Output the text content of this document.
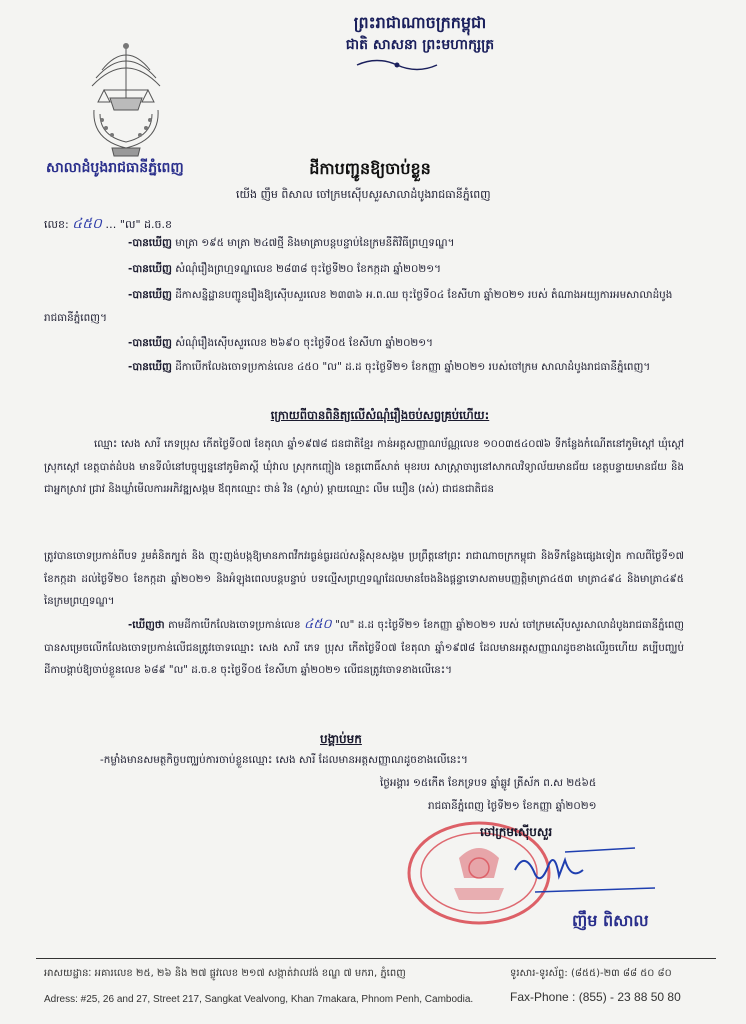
ព្រះរាជាណាចក្រកម្ពុជា
ជាតិ សាសនា ព្រះមហាក្សត្រ
សាលាដំបូងរាជធានីភ្នំពេញ	ដីកាបញ្ជូនឱ្យចាប់ខ្លួន
យើង ញឹម ពិសាល ចៅក្រមស៊ើបសួរសាលាដំបូងរាជធានីភ្នំពេញ
លេខ: ៤៥០ … "ល" ដ.ច.ខ
-បានឃើញ មាត្រា ១៩៥ មាត្រា ២៤៧ថ្មី និងមាត្រាបន្តបន្ទាប់នៃក្រមនីតិវិធីព្រហ្មទណ្ឌ។
-បានឃើញ សំណុំរឿងព្រហ្មទណ្ឌលេខ ២៨៣៨ ចុះថ្ងៃទី២០ ខែកក្កដា ឆ្នាំ២០២១។
-បានឃើញ ដីកាសន្និដ្ឋានបញ្ជូនរឿងឱ្យស៊ើបសួរលេខ ២៣៣៦ អ.ព.ឈ ចុះថ្ងៃទី០៤ ខែសីហា ឆ្នាំ២០២១ របស់ តំណាងអយ្យការអមសាលាដំបូងរាជធានីភ្នំពេញ។
-បានឃើញ សំណុំរឿងស៊ើបសួរលេខ ២៦៩០ ចុះថ្ងៃទី០៥ ខែសីហា ឆ្នាំ២០២១។
-បានឃើញ ដីកាបើកលែងចោទប្រកាន់លេខ ៤៥០ "ល" ដ.ដ ចុះថ្ងៃទី២១ ខែកញ្ញា ឆ្នាំ២០២១ របស់ចៅក្រម សាលាដំបូងរាជធានីភ្នំពេញ។
ក្រោយពីបានពិនិត្យលើសំណុំរឿងចប់សព្វគ្រប់ហើយ:
ឈ្មោះ សេង សារី ភេទប្រុស កើតថ្ងៃទី០៧ ខែតុលា ឆ្នាំ១៩៧៨ ជនជាតិខ្មែរ កាន់អត្តសញ្ញាណប័ណ្ណលេខ ១០០៣៥៤០៧៦ ទីកន្លែងកំណើតនៅភូមិស្តៅ ឃុំស្តៅ ស្រុកស្តៅ ខេត្តបាត់ដំបង មានទីលំនៅបច្ចុប្បន្ននៅភូមិគាស្តី ឃុំវាល ស្រុកកញ្ជៀង ខេត្តពោធិ៍សាត់ មុខរបរ សាស្ត្រាចារ្យនៅសាកលវិទ្យាល័យមានជ័យ ខេត្តបន្ទាយមានជ័យ និងជាអ្នកស្រាវ ជ្រាវ និងឃ្លាំមើលការអភិវឌ្ឍសង្គម ឪពុកឈ្មោះ ថាន់ វិន (ស្លាប់) ម្តាយឈ្មោះ លឹម ឃឿន (រស់) ជាជនជាតិជន
ត្រូវបានចោទប្រកាន់ពីបទ រួមគំនិតក្បត់ និង ញុះញង់បង្កឱ្យមានភាពវឹកវរធ្ងន់ធ្ងរដល់សន្តិសុខសង្គម ប្រព្រឹត្តនៅព្រះ រាជាណាចក្រកម្ពុជា និងទីកន្លែងផ្សេងទៀត កាលពីថ្ងៃទី១៧ ខែកក្កដា ដល់ថ្ងៃទី២០ ខែកក្កដា ឆ្នាំ២០២១ និងអំឡុងពេលបន្តបន្ទាប់ បទល្មើសព្រហ្មទណ្ឌដែលមានចែងនិងផ្តន្ទាទោសតាមបញ្ញត្តិមាត្រា៤៥៣ មាត្រា៤៩៤ និងមាត្រា៤៩៥ នៃក្រមព្រហ្មទណ្ឌ។
-ឃើញថា តាមដីកាបើកលែងចោទប្រកាន់លេខ ៤៥០ "ល" ដ.ដ ចុះថ្ងៃទី២១ ខែកញ្ញា ឆ្នាំ២០២១ របស់ ចៅក្រមស៊ើបសួរសាលាដំបូងរាជធានីភ្នំពេញ បានសម្រេចលើកលែងចោទប្រកាន់លើជនត្រូវចោទឈ្មោះ សេង សារី ភេទ ប្រុស កើតថ្ងៃទី០៧ ខែតុលា ឆ្នាំ១៩៧៨ ដែលមានអត្តសញ្ញាណដូចខាងលើរួចហើយ គប្បីបញ្ឈប់ដីកាបង្គាប់ឱ្យចាប់ខ្លួនលេខ ៦៨៩ "ល" ដ.ច.ខ ចុះថ្ងៃទី០៥ ខែសីហា ឆ្នាំ២០២១ លើជនត្រូវចោទខាងលើនេះ។
បង្គាប់មក
-កម្លាំងមានសមត្ថកិច្ចបញ្ឈប់ការចាប់ខ្លួនឈ្មោះ សេង សារី ដែលមានអត្តសញ្ញាណដូចខាងលើនេះ។
ថ្ងៃអង្គារ ១៥កើត ខែភទ្របទ ឆ្នាំឆ្លូវ ត្រីស័ក ព.ស ២៥៦៥
រាជធានីភ្នំពេញ ថ្ងៃទី២១ ខែកញ្ញា ឆ្នាំ២០២១
ចៅក្រមស៊ើបសួរ
ញឹម ពិសាល
អាសយដ្ឋានៈ អគារលេខ ២៥, ២៦ និង ២៧ ផ្លូវលេខ ២១៧ សង្កាត់វាលវង់ ខណ្ឌ ៧ មករា, ភ្នំពេញ
Adress: #25, 26 and 27, Street 217, Sangkat Vealvong, Khan 7makara, Phnom Penh, Cambodia.
ទូរសារ-ទូរស័ព្ទ: (៨៥៥)-២៣ ៨៨ ៥០ ៨០
Fax-Phone : (855) - 23 88 50 80
